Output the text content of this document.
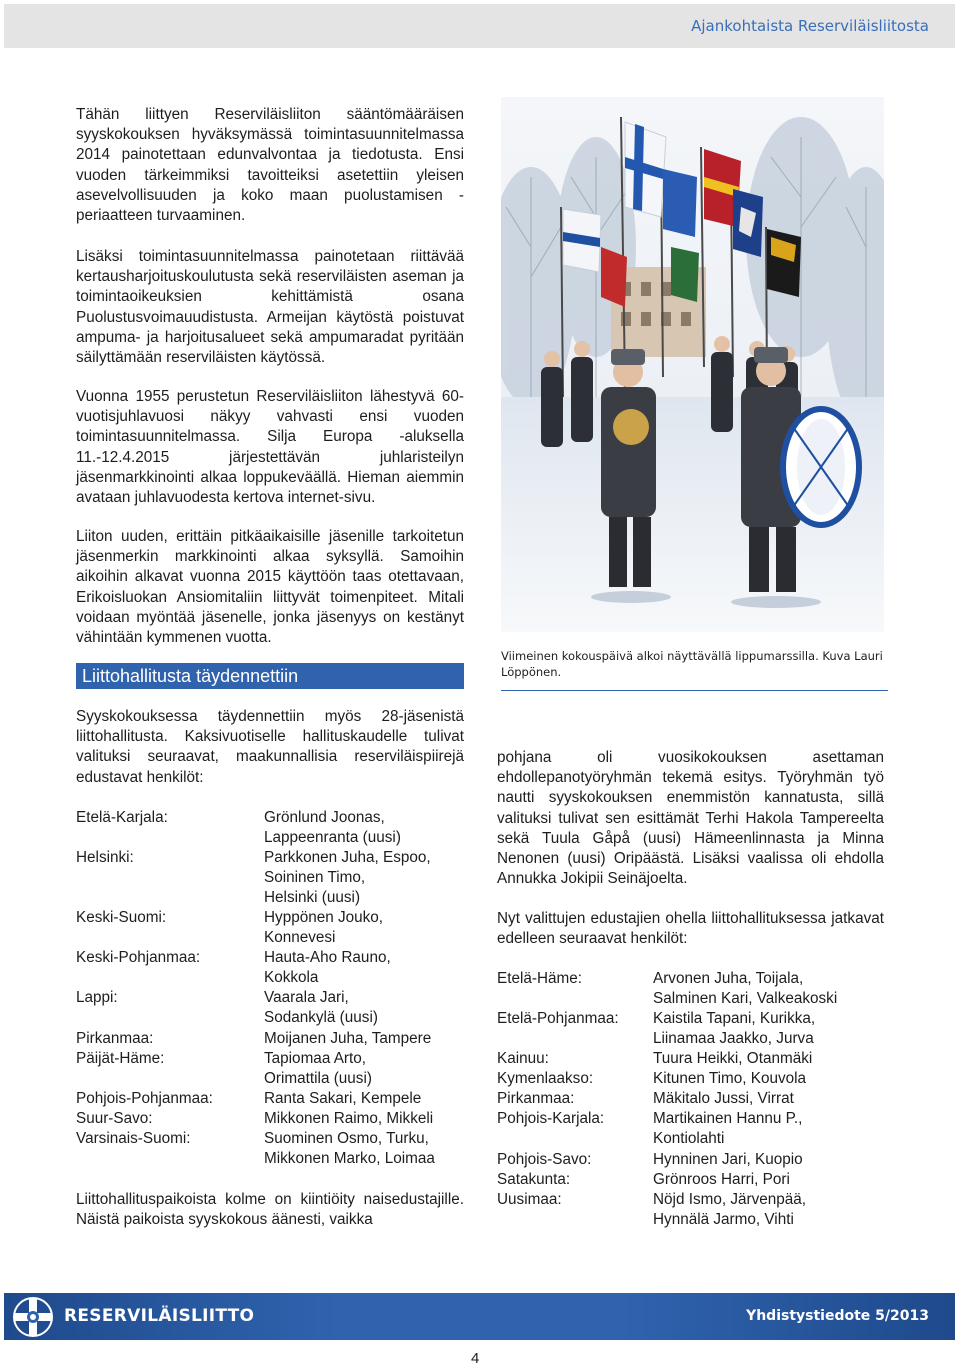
Ajankohtaista Reserviläisliitosta

Tähän liittyen Reserviläisliiton sääntömääräisen syyskokouksen hyväksymässä toimintasuunnitelmassa 2014 painotettaan edunvalvontaa ja tiedotusta. Ensi vuoden tärkeimmiksi tavoitteiksi asetettiin yleisen asevelvollisuuden ja koko maan puolustamisen -periaatteen turvaaminen.

Lisäksi toimintasuunnitelmassa painotetaan riittävää kertausharjoituskoulutusta sekä reserviläisten aseman ja toimintaoikeuksien kehittämistä osana Puolustusvoimauudistusta. Armeijan käytöstä poistuvat ampuma- ja harjoitusalueet sekä ampumaradat pyritään säilyttämään reserviläisten käytössä.

Vuonna 1955 perustetun Reserviläisliiton lähestyvä 60-vuotisjuhlavuosi näkyy vahvasti ensi vuoden toimintasuunnitelmassa. Silja Europa -aluksella 11.-12.4.2015 järjestettävän juhlaristeilyn jäsenmarkkinointi alkaa loppukeväällä. Hieman aiemmin avataan juhlavuodesta kertova internet-sivu.

Liiton uuden, erittäin pitkäaikaisille jäsenille tarkoitetun jäsenmerkin markkinointi alkaa syksyllä. Samoihin aikoihin alkavat vuonna 2015 käyttöön taas otettavaan, Erikoisluokan Ansiomitaliin liittyvät toimenpiteet. Mitali voidaan myöntää jäsenelle, jonka jäsenyys on kestänyt vähintään kymmenen vuotta.

Liittohallitusta täydennettiin

Syyskokouksessa täydennettiin myös 28-jäsenistä liittohallitusta. Kaksivuotiselle hallituskaudelle tulivat valituksi seuraavat, maakunnallisia reserviläispiirejä edustavat henkilöt:

Etelä-Karjala:	Grönlund Joonas,
Lappeenranta (uusi)
Helsinki:	Parkkonen Juha, Espoo,
Soininen Timo,
Helsinki (uusi)
Keski-Suomi:	Hyppönen Jouko,
Konnevesi
Keski-Pohjanmaa:	Hauta-Aho Rauno,
Kokkola
Lappi:	Vaarala Jari,
Sodankylä (uusi)
Pirkanmaa:	Moijanen Juha, Tampere
Päijät-Häme:	Tapiomaa Arto,
Orimattila (uusi)
Pohjois-Pohjanmaa:	Ranta Sakari, Kempele
Suur-Savo:	Mikkonen Raimo, Mikkeli
Varsinais-Suomi:	Suominen Osmo, Turku,
Mikkonen Marko, Loimaa

Liittohallituspaikoista kolme on kiintiöity naisedustajille. Näistä paikoista syyskokous äänesti, vaikka

Viimeinen kokouspäivä alkoi näyttävällä lippumarssilla. Kuva Lauri Löppönen.

pohjana oli vuosikokouksen asettaman ehdollepanotyöryhmän tekemä esitys. Työryhmän työ nautti syyskokouksen enemmistön kannatusta, sillä valituksi tulivat sen esittämät Terhi Hakola Tampereelta sekä Tuula Gåpå (uusi) Hämeenlinnasta ja Minna Nenonen (uusi) Oripäästä. Lisäksi vaalissa oli ehdolla Annukka Jokipii Seinäjoelta.

Nyt valittujen edustajien ohella liittohallituksessa jatkavat edelleen seuraavat henkilöt:

Etelä-Häme:	Arvonen Juha, Toijala,
Salminen Kari, Valkeakoski
Etelä-Pohjanmaa: Kaistila Tapani, Kurikka,
Liinamaa Jaakko, Jurva
Kainuu:	Tuura Heikki, Otanmäki
Kymenlaakso:	Kitunen Timo, Kouvola
Pirkanmaa:	Mäkitalo Jussi, Virrat
Pohjois-Karjala:	Martikainen Hannu P.,
Kontiolahti
Pohjois-Savo:	Hynninen Jari, Kuopio
Satakunta:	Grönroos Harri, Pori
Uusimaa:	Nöjd Ismo, Järvenpää,
Hynnälä Jarmo, Vihti
RESERVILÄISLIITTO	Yhdistystiedote 5/2013
4
